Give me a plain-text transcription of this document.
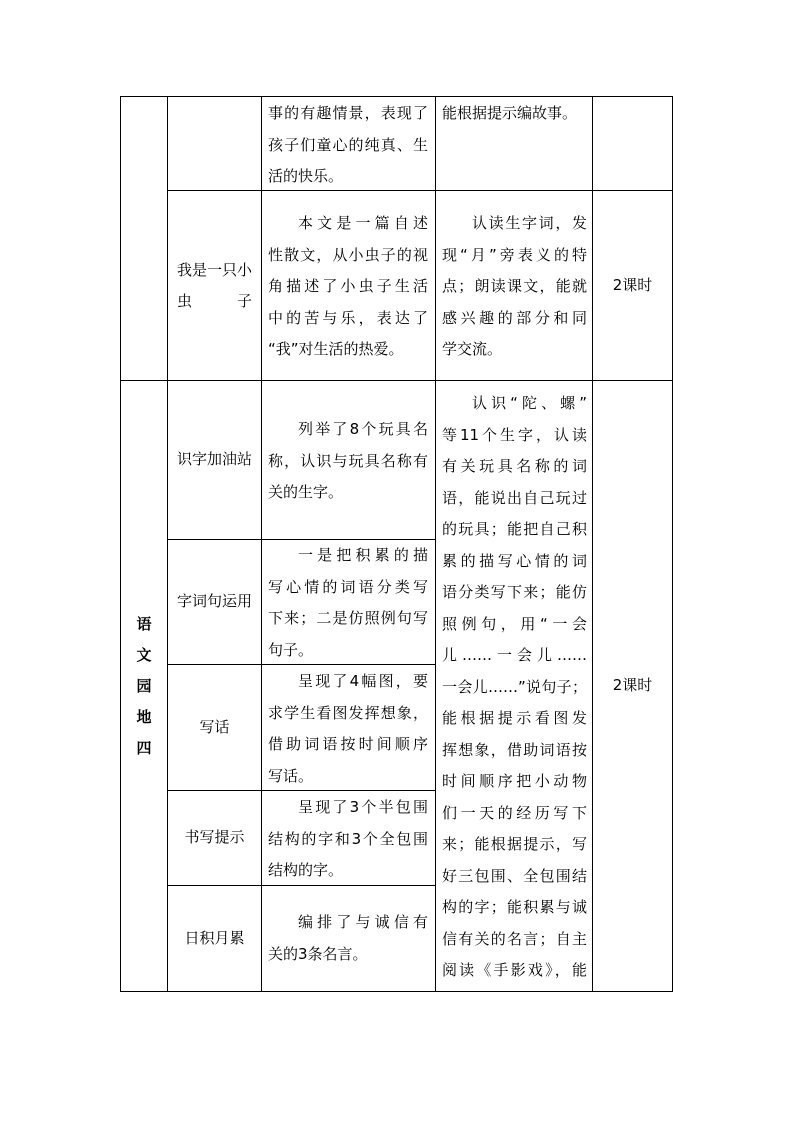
事的有趣情景，表现了
孩子们童心的纯真、生
活的快乐。
能根据提示编故事。
我是一只小
虫子
本文是一篇自述
性散文，从小虫子的视
角描述了小虫子生活
中的苦与乐，表达了
“我”对生活的热爱。
认读生字词，发
现“月”旁表义的特
点；朗读课文，能就
感兴趣的部分和同
学交流。
2课时
语
文
园
地
四
识字加油站
列举了8个玩具名
称，认识与玩具名称有
关的生字。
字词句运用
一是把积累的描
写心情的词语分类写
下来；二是仿照例句写
句子。
写话
呈现了4幅图，要
求学生看图发挥想象，
借助词语按时间顺序
写话。
书写提示
呈现了3个半包围
结构的字和3个全包围
结构的字。
日积月累
编排了与诚信有
关的3条名言。
认识“陀、螺”
等11个生字，认读
有关玩具名称的词
语，能说出自己玩过
的玩具；能把自己积
累的描写心情的词
语分类写下来；能仿
照例句，用“一会
儿……一会儿……
一会儿……”说句子；
能根据提示看图发
挥想象，借助词语按
时间顺序把小动物
们一天的经历写下
来；能根据提示，写
好三包围、全包围结
构的字；能积累与诚
信有关的名言；自主
阅读《手影戏》，能
2课时
